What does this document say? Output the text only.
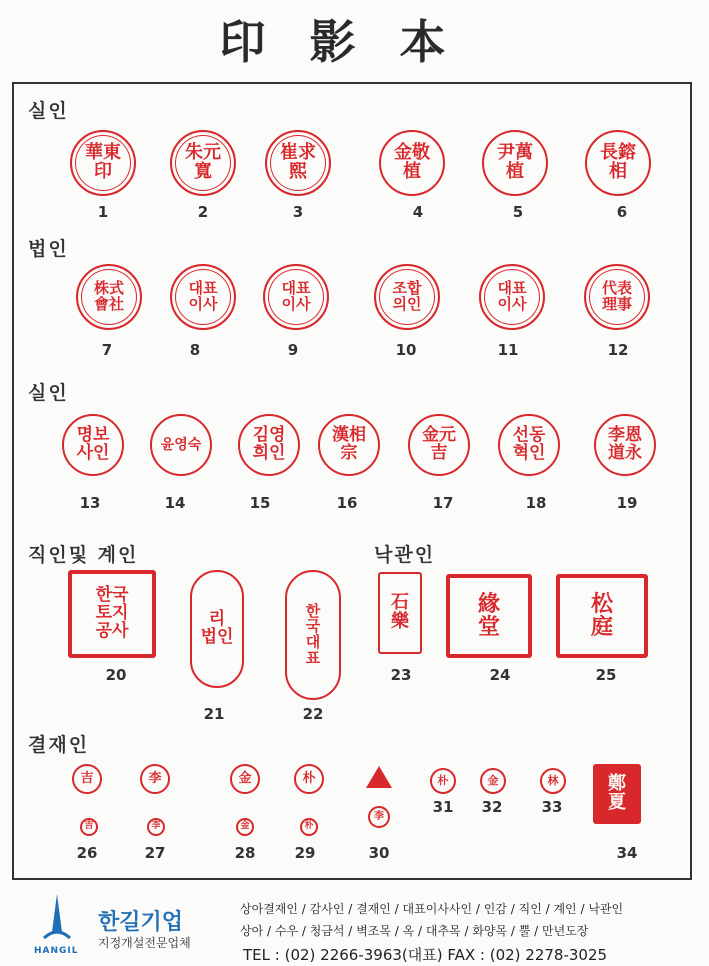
印影本
실인
법인
실인
직인및 계인	낙관인
결재인
華東
印
1
朱元
寬
2
崔求
熙
3
金敬
植
4
尹萬
植
5
長鎔
相
6
株式
會社
7
대표
이사
8
대표
이사
9
조합
의인
10
대표
이사
11
代表
理事
12
명보
사인
13
윤영숙
14
김영
희인
15
漢相
宗
16
金元
吉
17
선동
혁인
18
李恩
道永
19
한국
토지
공사
20
리
법인
21
한
국
대
표
22
石
樂
23
緣
堂
24
松
庭
25
吉
吉
26
李
李
27
金
金
28
朴
朴
29
李
30
朴
31
金
32
林
33
鄭
夏
34
HANGIL
한길기업
지정개설전문업체
상아결재인 / 감사인 / 결재인 / 대표이사사인 / 인감 / 직인 / 계인 / 낙관인
상아 / 수우 / 청금석 / 벽조목 / 옥 / 대추목 / 화양목 / 뿔 / 만년도장
TEL : (02) 2266-3963(대표) FAX : (02) 2278-3025
